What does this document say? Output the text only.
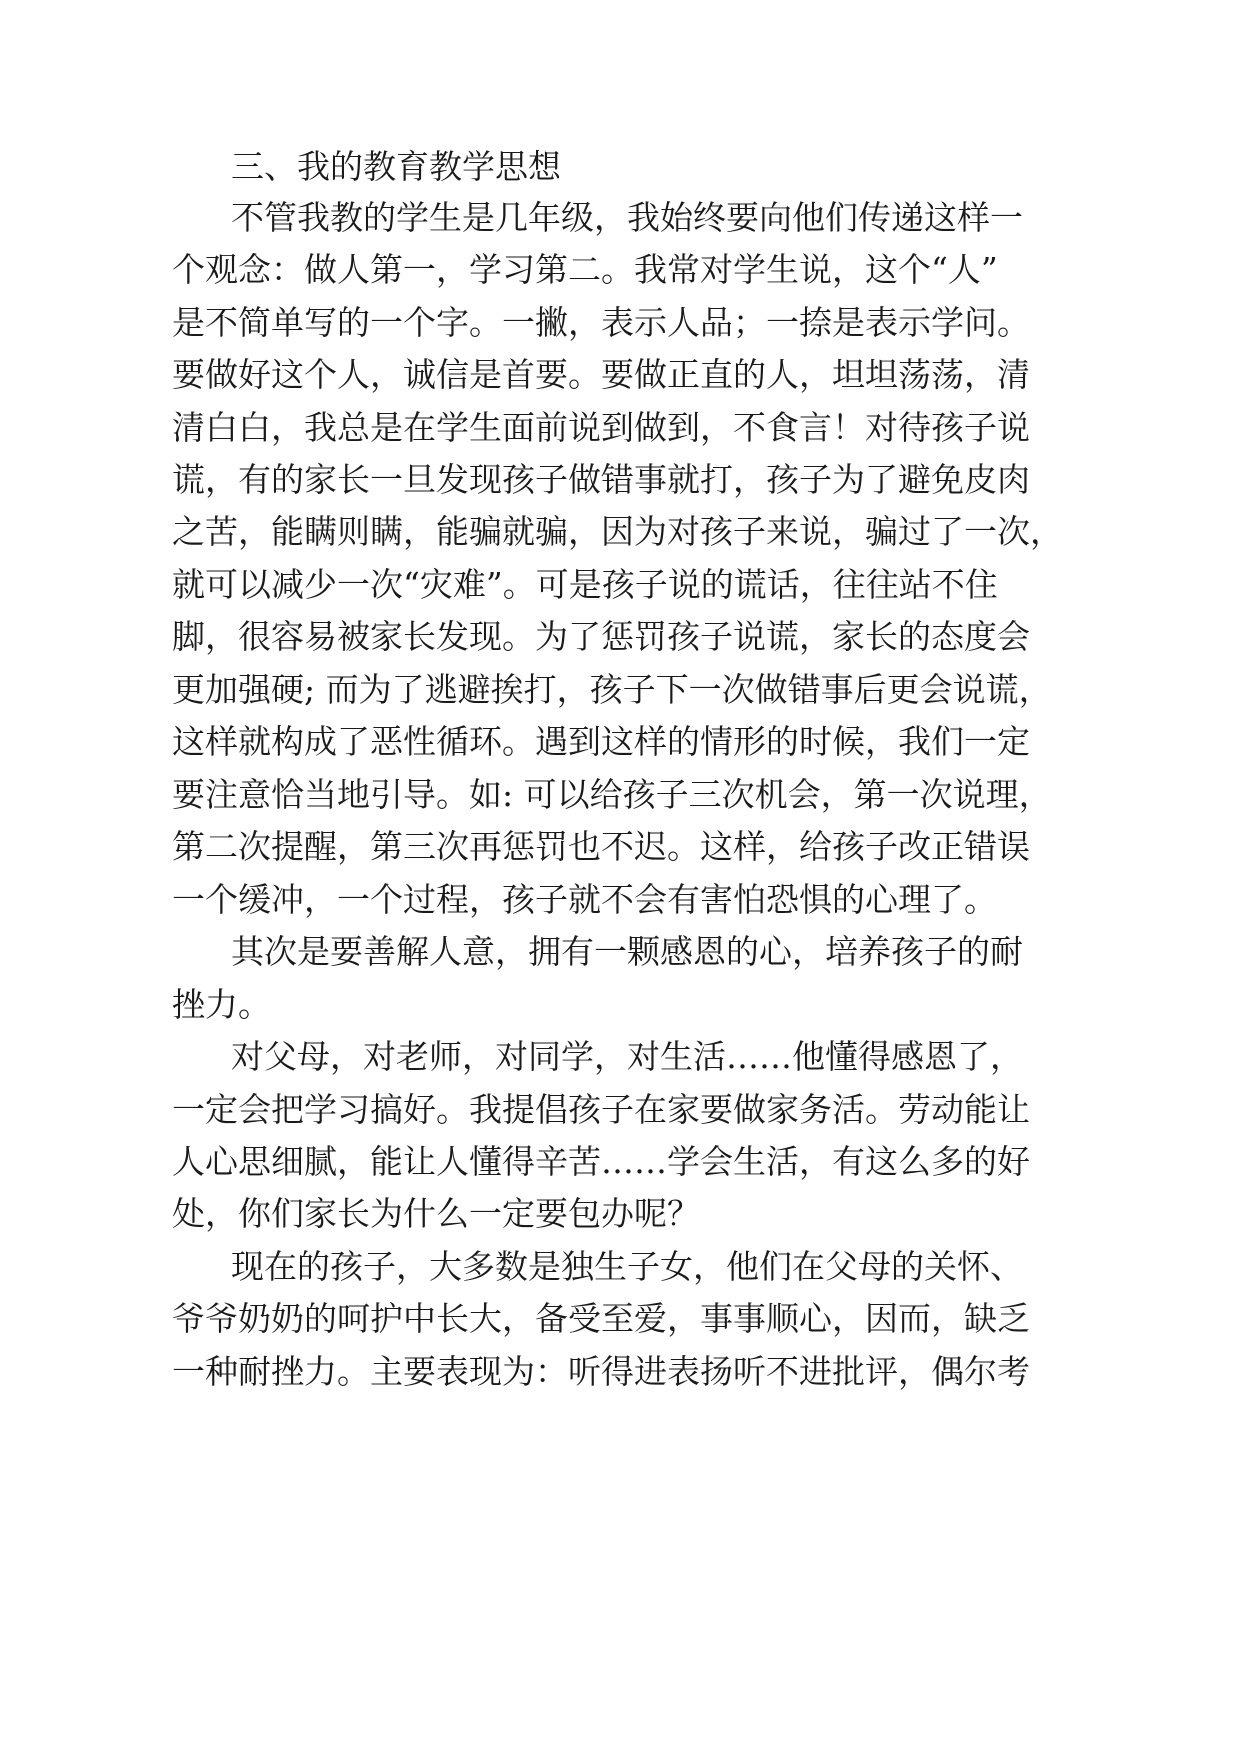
三、我的教育教学思想
不管我教的学生是几年级，我始终要向他们传递这样一
个观念：做人第一，学习第二。我常对学生说，这个“人”
是不简单写的一个字。一撇，表示人品；一捺是表示学问。
要做好这个人，诚信是首要。要做正直的人，坦坦荡荡，清
清白白，我总是在学生面前说到做到，不食言！对待孩子说
谎，有的家长一旦发现孩子做错事就打，孩子为了避免皮肉
之苦，能瞒则瞒，能骗就骗，因为对孩子来说，骗过了一次，
就可以减少一次“灾难”。可是孩子说的谎话，往往站不住
脚，很容易被家长发现。为了惩罚孩子说谎，家长的态度会
更加强硬; 而为了逃避挨打，孩子下一次做错事后更会说谎，
这样就构成了恶性循环。遇到这样的情形的时候，我们一定
要注意恰当地引导。如: 可以给孩子三次机会，第一次说理，
第二次提醒，第三次再惩罚也不迟。这样，给孩子改正错误
一个缓冲，一个过程，孩子就不会有害怕恐惧的心理了。
其次是要善解人意，拥有一颗感恩的心，培养孩子的耐
挫力。
对父母，对老师，对同学，对生活……他懂得感恩了，
一定会把学习搞好。我提倡孩子在家要做家务活。劳动能让
人心思细腻，能让人懂得辛苦……学会生活，有这么多的好
处，你们家长为什么一定要包办呢？
现在的孩子，大多数是独生子女，他们在父母的关怀、
爷爷奶奶的呵护中长大，备受至爱，事事顺心，因而，缺乏
一种耐挫力。主要表现为：听得进表扬听不进批评，偶尔考
